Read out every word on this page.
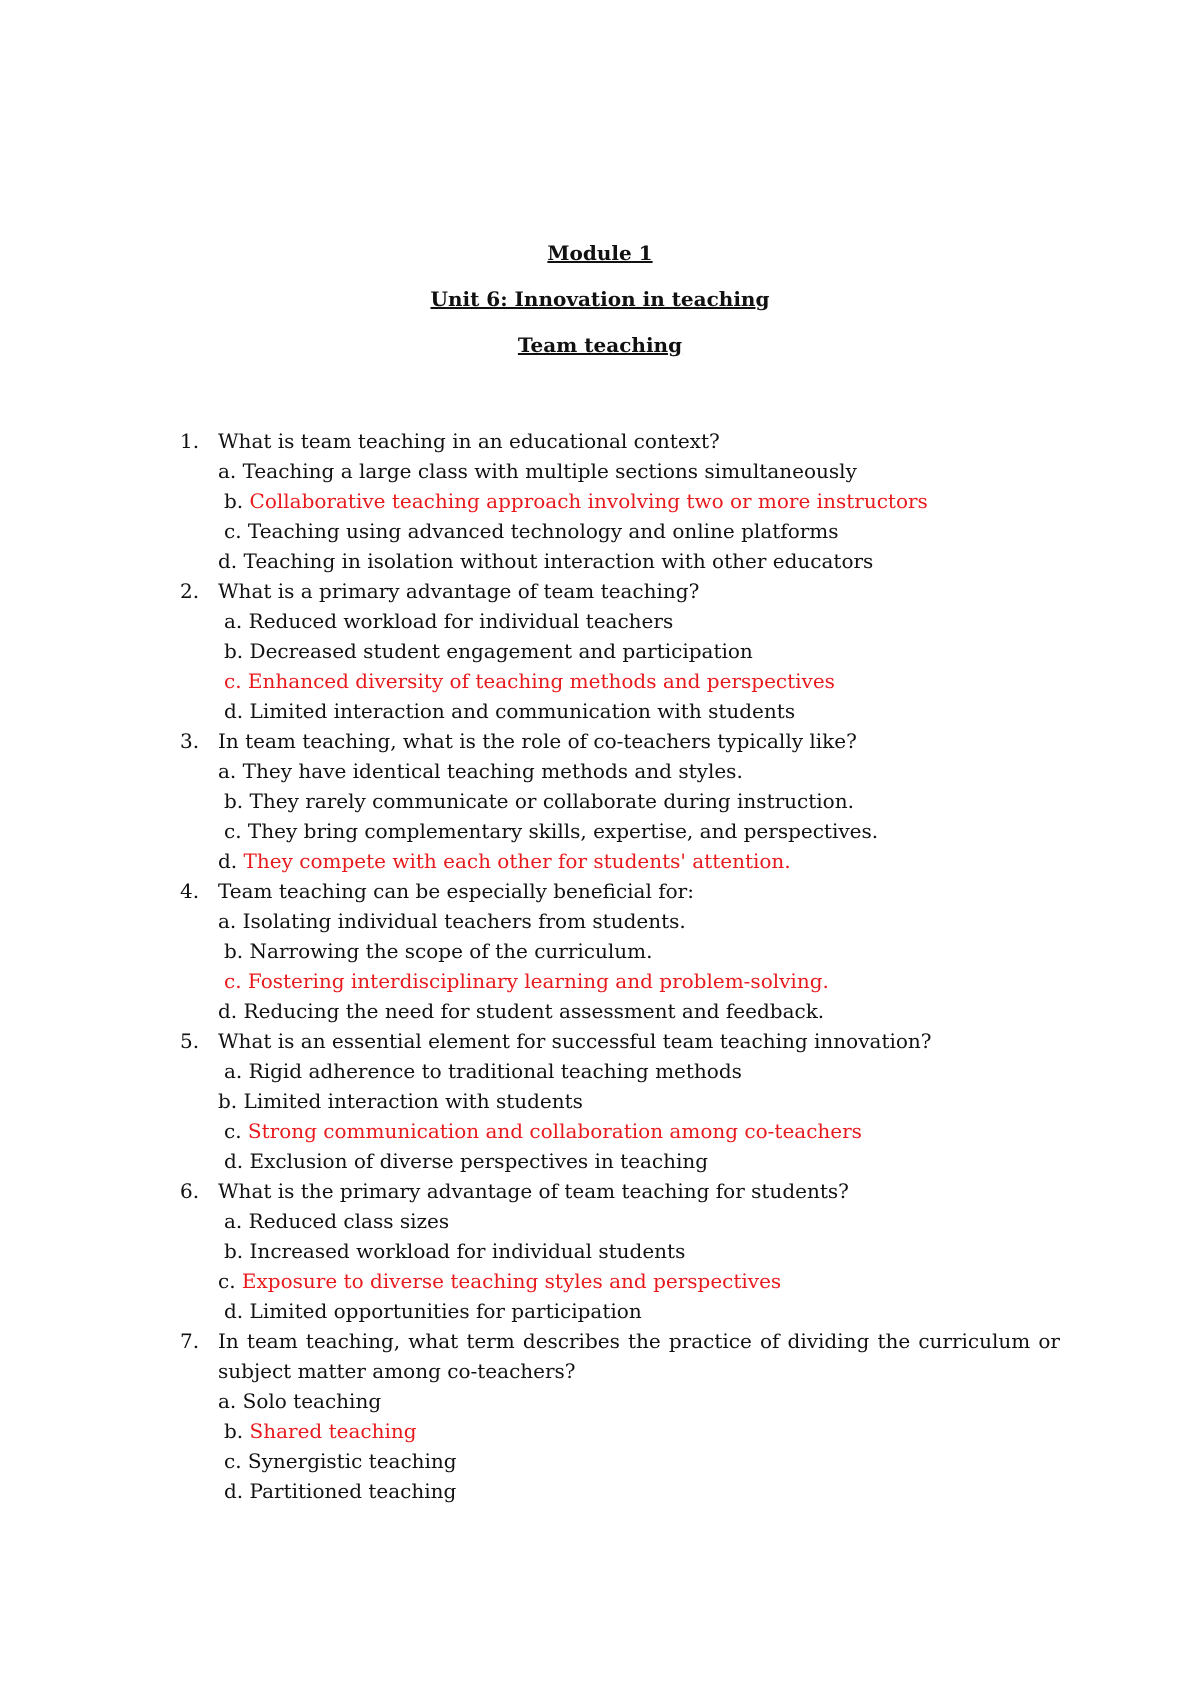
Module 1
Unit 6: Innovation in teaching
Team teaching
1. What is team teaching in an educational context?
a. Teaching a large class with multiple sections simultaneously
b. Collaborative teaching approach involving two or more instructors
c. Teaching using advanced technology and online platforms
d. Teaching in isolation without interaction with other educators
2. What is a primary advantage of team teaching?
a. Reduced workload for individual teachers
b. Decreased student engagement and participation
c. Enhanced diversity of teaching methods and perspectives
d. Limited interaction and communication with students
3. In team teaching, what is the role of co-teachers typically like?
a. They have identical teaching methods and styles.
b. They rarely communicate or collaborate during instruction.
c. They bring complementary skills, expertise, and perspectives.
d. They compete with each other for students' attention.
4. Team teaching can be especially beneficial for:
a. Isolating individual teachers from students.
b. Narrowing the scope of the curriculum.
c. Fostering interdisciplinary learning and problem-solving.
d. Reducing the need for student assessment and feedback.
5. What is an essential element for successful team teaching innovation?
a. Rigid adherence to traditional teaching methods
b. Limited interaction with students
c. Strong communication and collaboration among co-teachers
d. Exclusion of diverse perspectives in teaching
6. What is the primary advantage of team teaching for students?
a. Reduced class sizes
b. Increased workload for individual students
c. Exposure to diverse teaching styles and perspectives
d. Limited opportunities for participation
7. In team teaching, what term describes the practice of dividing the curriculum or subject matter among co-teachers?
a. Solo teaching
b. Shared teaching
c. Synergistic teaching
d. Partitioned teaching
